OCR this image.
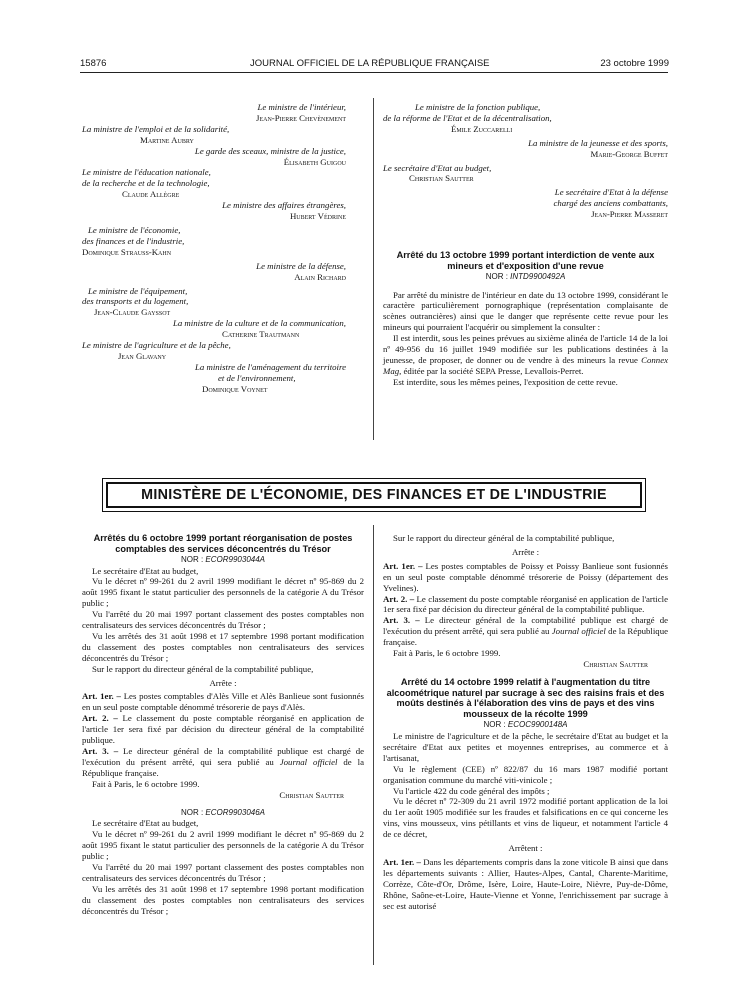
15876	JOURNAL OFFICIEL DE LA RÉPUBLIQUE FRANÇAISE	23 octobre 1999

Le ministre de l'intérieur,

Jean-Pierre Chevènement

La ministre de l'emploi et de la solidarité,

Martine Aubry

Le garde des sceaux, ministre de la justice,

Élisabeth Guigou

Le ministre de l'éducation nationale,

de la recherche et de la technologie,

Claude Allègre

Le ministre des affaires étrangères,

Hubert Védrine

Le ministre de l'économie,

des finances et de l'industrie,

Dominique Strauss-Kahn

Le ministre de la défense,

Alain Richard

Le ministre de l'équipement,

des transports et du logement,

Jean-Claude Gayssot

La ministre de la culture et de la communication,

Catherine Trautmann

Le ministre de l'agriculture et de la pêche,

Jean Glavany

La ministre de l'aménagement du territoire

et de l'environnement,

Dominique Voynet

Le ministre de la fonction publique,

de la réforme de l'Etat et de la décentralisation,

Émile Zuccarelli

La ministre de la jeunesse et des sports,

Marie-George Buffet

Le secrétaire d'Etat au budget,

Christian Sautter

Le secrétaire d'Etat à la défense

chargé des anciens combattants,

Jean-Pierre Masseret

Arrêté du 13 octobre 1999 portant interdiction de vente aux mineurs et d'exposition d'une revue

NOR : INTD9900492A

Par arrêté du ministre de l'intérieur en date du 13 octobre 1999, considérant le caractère particulièrement pornographique (représentation complaisante de scènes outrancières) ainsi que le danger que représente cette revue pour les mineurs qui pourraient l'acquérir ou simplement la consulter :

Il est interdit, sous les peines prévues au sixième alinéa de l'article 14 de la loi nº 49-956 du 16 juillet 1949 modifiée sur les publications destinées à la jeunesse, de proposer, de donner ou de vendre à des mineurs la revue Connex Mag, éditée par la société SEPA Presse, Levallois-Perret.

Est interdite, sous les mêmes peines, l'exposition de cette revue.

MINISTÈRE DE L'ÉCONOMIE, DES FINANCES ET DE L'INDUSTRIE

Arrêtés du 6 octobre 1999 portant réorganisation de postes comptables des services déconcentrés du Trésor

NOR : ECOR9903044A

Le secrétaire d'Etat au budget,

Vu le décret nº 99-261 du 2 avril 1999 modifiant le décret nº 95-869 du 2 août 1995 fixant le statut particulier des personnels de la catégorie A du Trésor public ;

Vu l'arrêté du 20 mai 1997 portant classement des postes comptables non centralisateurs des services déconcentrés du Trésor ;

Vu les arrêtés des 31 août 1998 et 17 septembre 1998 portant modification du classement des postes comptables non centralisateurs des services déconcentrés du Trésor ;

Sur le rapport du directeur général de la comptabilité publique,

Arrête :

Art. 1er. – Les postes comptables d'Alès Ville et Alès Banlieue sont fusionnés en un seul poste comptable dénommé trésorerie de pays d'Alès.

Art. 2. – Le classement du poste comptable réorganisé en application de l'article 1er sera fixé par décision du directeur général de la comptabilité publique.

Art. 3. – Le directeur général de la comptabilité publique est chargé de l'exécution du présent arrêté, qui sera publié au Journal officiel de la République française.

Fait à Paris, le 6 octobre 1999.

Christian Sautter

NOR : ECOR9903046A

Le secrétaire d'Etat au budget,

Vu le décret nº 99-261 du 2 avril 1999 modifiant le décret nº 95-869 du 2 août 1995 fixant le statut particulier des personnels de la catégorie A du Trésor public ;

Vu l'arrêté du 20 mai 1997 portant classement des postes comptables non centralisateurs des services déconcentrés du Trésor ;

Vu les arrêtés des 31 août 1998 et 17 septembre 1998 portant modification du classement des postes comptables non centralisateurs des services déconcentrés du Trésor ;

Sur le rapport du directeur général de la comptabilité publique,

Arrête :

Art. 1er. – Les postes comptables de Poissy et Poissy Banlieue sont fusionnés en un seul poste comptable dénommé trésorerie de Poissy (département des Yvelines).

Art. 2. – Le classement du poste comptable réorganisé en application de l'article 1er sera fixé par décision du directeur général de la comptabilité publique.

Art. 3. – Le directeur général de la comptabilité publique est chargé de l'exécution du présent arrêté, qui sera publié au Journal officiel de la République française.

Fait à Paris, le 6 octobre 1999.

Christian Sautter

Arrêté du 14 octobre 1999 relatif à l'augmentation du titre alcoométrique naturel par sucrage à sec des raisins frais et des moûts destinés à l'élaboration des vins de pays et des vins mousseux de la récolte 1999

NOR : ECOC9900148A

Le ministre de l'agriculture et de la pêche, le secrétaire d'Etat au budget et la secrétaire d'Etat aux petites et moyennes entreprises, au commerce et à l'artisanat,

Vu le règlement (CEE) nº 822/87 du 16 mars 1987 modifié portant organisation commune du marché viti-vinicole ;

Vu l'article 422 du code général des impôts ;

Vu le décret nº 72-309 du 21 avril 1972 modifié portant application de la loi du 1er août 1905 modifiée sur les fraudes et falsifications en ce qui concerne les vins, vins mousseux, vins pétillants et vins de liqueur, et notamment l'article 4 de ce décret,

Arrêtent :

Art. 1er. – Dans les départements compris dans la zone viticole B ainsi que dans les départements suivants : Allier, Hautes-Alpes, Cantal, Charente-Maritime, Corrèze, Côte-d'Or, Drôme, Isère, Loire, Haute-Loire, Nièvre, Puy-de-Dôme, Rhône, Saône-et-Loire, Haute-Vienne et Yonne, l'enrichissement par sucrage à sec est autorisé
